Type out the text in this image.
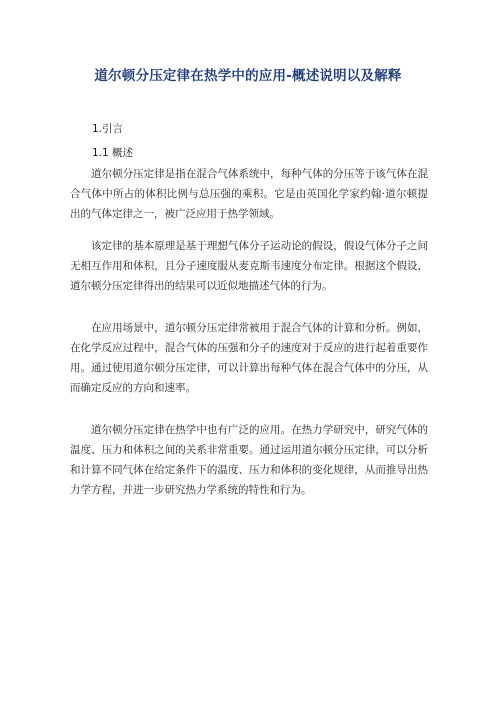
道尔顿分压定律在热学中的应用-概述说明以及解释
1.引言
1.1 概述

道尔顿分压定律是指在混合气体系统中，每种气体的分压等于该气体在混合气体中所占的体积比例与总压强的乘积。它是由英国化学家约翰·道尔顿提出的气体定律之一，被广泛应用于热学领域。

该定律的基本原理是基于理想气体分子运动论的假设，假设气体分子之间无相互作用和体积，且分子速度服从麦克斯韦速度分布定律。根据这个假设，道尔顿分压定律得出的结果可以近似地描述气体的行为。

在应用场景中，道尔顿分压定律常被用于混合气体的计算和分析。例如，在化学反应过程中，混合气体的压强和分子的速度对于反应的进行起着重要作用。通过使用道尔顿分压定律，可以计算出每种气体在混合气体中的分压，从而确定反应的方向和速率。

道尔顿分压定律在热学中也有广泛的应用。在热力学研究中，研究气体的温度、压力和体积之间的关系非常重要。通过运用道尔顿分压定律，可以分析和计算不同气体在给定条件下的温度、压力和体积的变化规律，从而推导出热力学方程，并进一步研究热力学系统的特性和行为。
